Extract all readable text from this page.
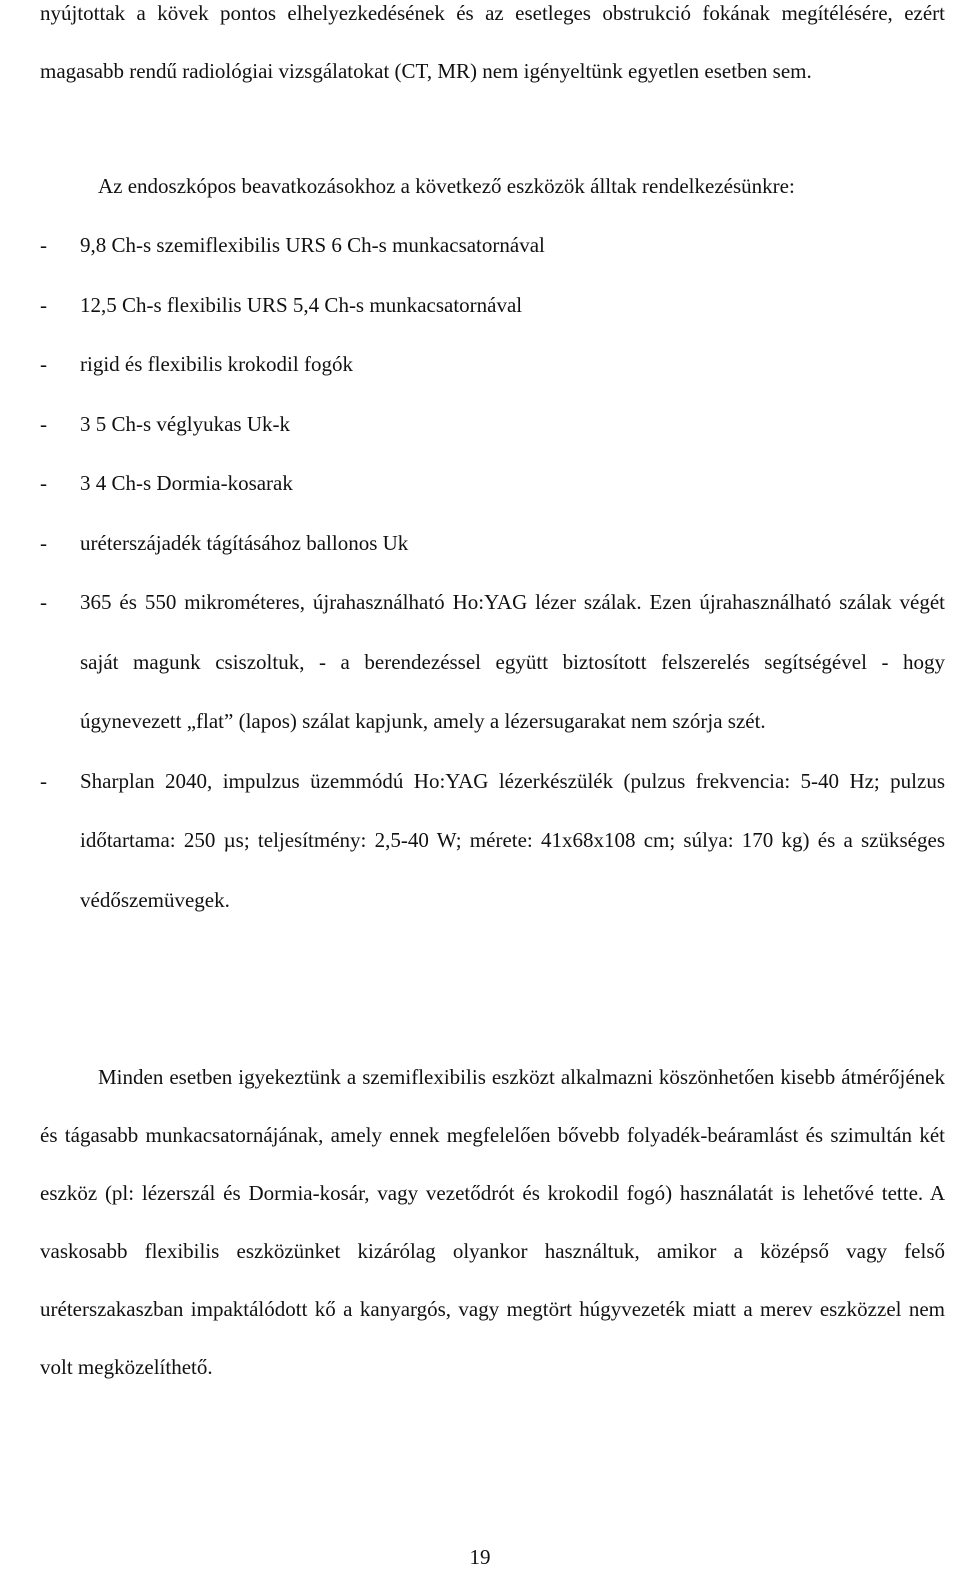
nyújtottak a kövek pontos elhelyezkedésének és az esetleges obstrukció fokának megítélésére, ezért magasabb rendű radiológiai vizsgálatokat (CT, MR) nem igényeltünk egyetlen esetben sem.

Az endoszkópos beavatkozásokhoz a következő eszközök álltak rendelkezésünkre:

- 9,8 Ch-s szemiflexibilis URS 6 Ch-s munkacsatornával
- 12,5 Ch-s flexibilis URS 5,4 Ch-s munkacsatornával
- rigid és flexibilis krokodil fogók
- 3 5 Ch-s véglyukas Uk-k
- 3 4 Ch-s Dormia-kosarak
- uréterszájadék tágításához ballonos Uk
- 365 és 550 mikrométeres, újrahasználható Ho:YAG lézer szálak. Ezen újrahasználható szálak végét saját magunk csiszoltuk, - a berendezéssel együtt biztosított felszerelés segítségével - hogy úgynevezett „flat” (lapos) szálat kapjunk, amely a lézersugarakat nem szórja szét.
- Sharplan 2040, impulzus üzemmódú Ho:YAG lézerkészülék (pulzus frekvencia: 5-40 Hz; pulzus időtartama: 250 µs; teljesítmény: 2,5-40 W; mérete: 41x68x108 cm; súlya: 170 kg) és a szükséges védőszemüvegek.

Minden esetben igyekeztünk a szemiflexibilis eszközt alkalmazni köszönhetően kisebb átmérőjének és tágasabb munkacsatornájának, amely ennek megfelelően bővebb folyadék-beáramlást és szimultán két eszköz (pl: lézerszál és Dormia-kosár, vagy vezetődrót és krokodil fogó) használatát is lehetővé tette. A vaskosabb flexibilis eszközünket kizárólag olyankor használtuk, amikor a középső vagy felső uréterszakaszban impaktálódott kő a kanyargós, vagy megtört húgyvezeték miatt a merev eszközzel nem volt megközelíthető.

19
